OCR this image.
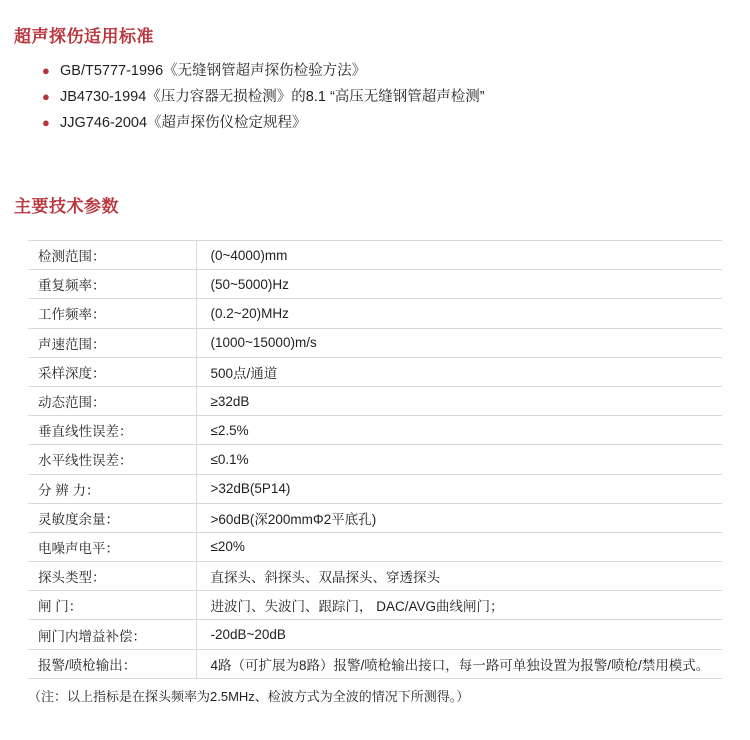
超声探伤适用标准
● GB/T5777-1996《无缝钢管超声探伤检验方法》
● JB4730-1994《压力容器无损检测》的8.1 “高压无缝钢管超声检测”
● JJG746-2004《超声探伤仪检定规程》
主要技术参数
检测范围：	(0~4000)mm
重复频率：	(50~5000)Hz
工作频率：	(0.2~20)MHz
声速范围：	(1000~15000)m/s
采样深度：	500点/通道
动态范围：	≥32dB
垂直线性误差：	≤2.5%
水平线性误差：	≤0.1%
分 辨 力：	>32dB(5P14)
灵敏度余量：	>60dB(深200mmΦ2平底孔)
电噪声电平：	≤20%
探头类型：	直探头、斜探头、双晶探头、穿透探头
闸 门：	进波门、失波门、跟踪门， DAC/AVG曲线闸门；
闸门内增益补偿：	-20dB~20dB
报警/喷枪输出：	4路（可扩展为8路）报警/喷枪输出接口，每一路可单独设置为报警/喷枪/禁用模式。
（注：以上指标是在探头频率为2.5MHz、检波方式为全波的情况下所测得。）
